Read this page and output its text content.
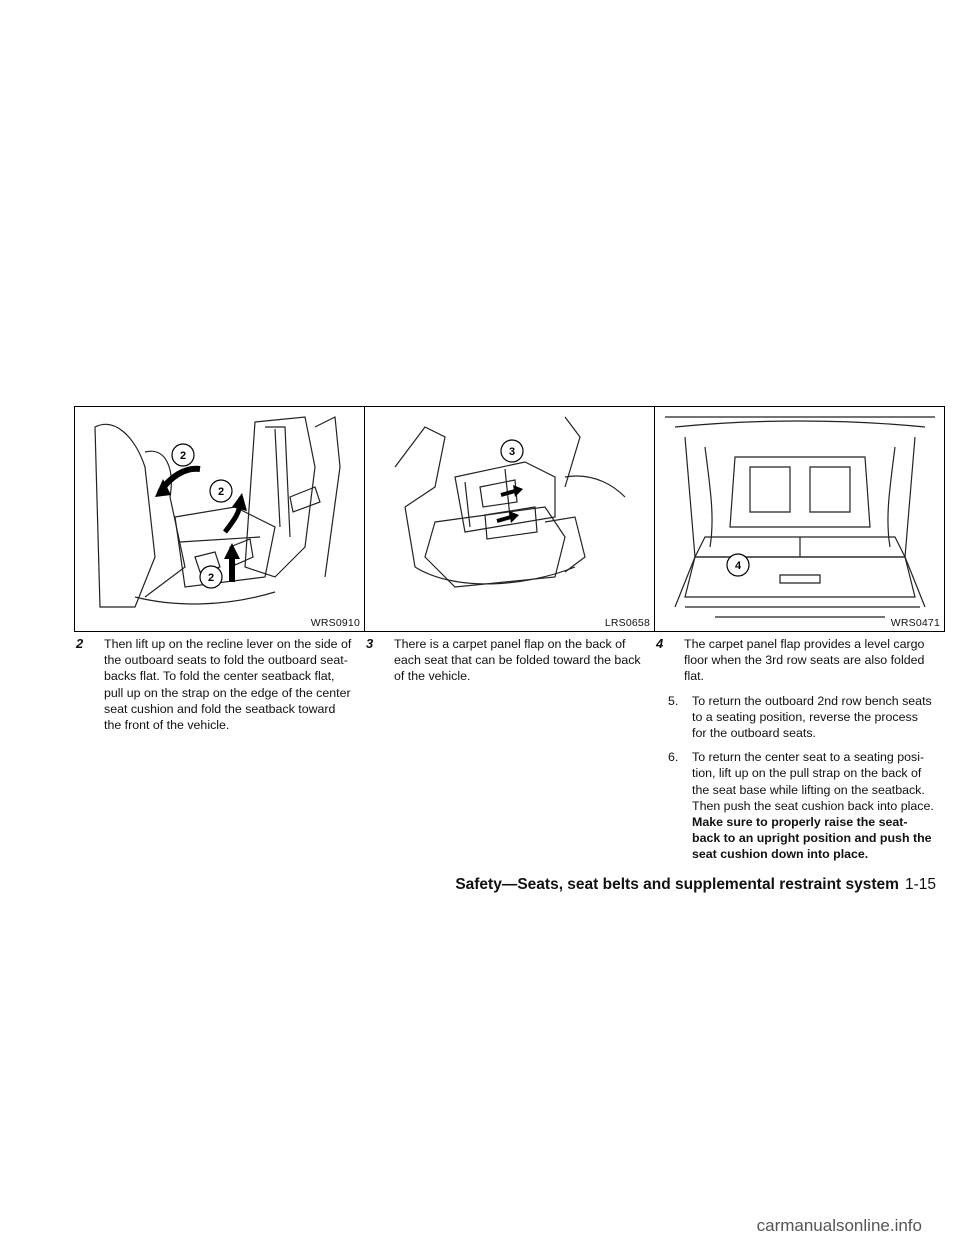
2
2
2
WRS0910
3
LRS0658
4
WRS0471
2 Then lift up on the recline lever on the side of the outboard seats to fold the outboard seat-backs flat. To fold the center seatback flat, pull up on the strap on the edge of the center seat cushion and fold the seatback toward the front of the vehicle.
3 There is a carpet panel flap on the back of each seat that can be folded toward the back of the vehicle.
4 The carpet panel flap provides a level cargo floor when the 3rd row seats are also folded flat.
5. To return the outboard 2nd row bench seats to a seating position, reverse the process for the outboard seats.
6. To return the center seat to a seating posi-tion, lift up on the pull strap on the back of the seat base while lifting on the seatback. Then push the seat cushion back into place. Make sure to properly raise the seat-back to an upright position and push the seat cushion down into place.
Safety—Seats, seat belts and supplemental restraint system 1-15
carmanualsonline.info
